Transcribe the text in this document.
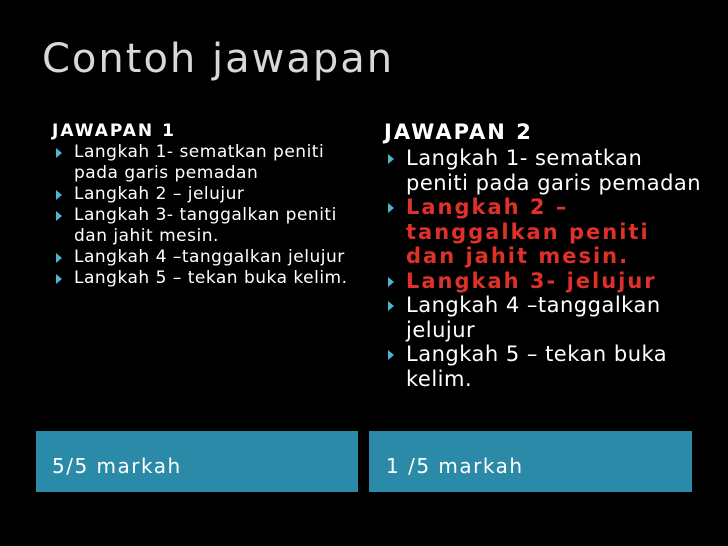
Contoh jawapan
JAWAPAN 1
Langkah 1- sematkan peniti pada garis pemadan
Langkah 2 – jelujur
Langkah 3- tanggalkan peniti dan jahit mesin.
Langkah 4 –tanggalkan jelujur
Langkah 5 – tekan buka kelim.
JAWAPAN 2
Langkah 1- sematkan peniti pada garis pemadan
Langkah 2 – tanggalkan peniti dan jahit mesin.
Langkah 3- jelujur
Langkah 4 –tanggalkan jelujur
Langkah 5 – tekan buka kelim.
5/5 markah	1 /5 markah
